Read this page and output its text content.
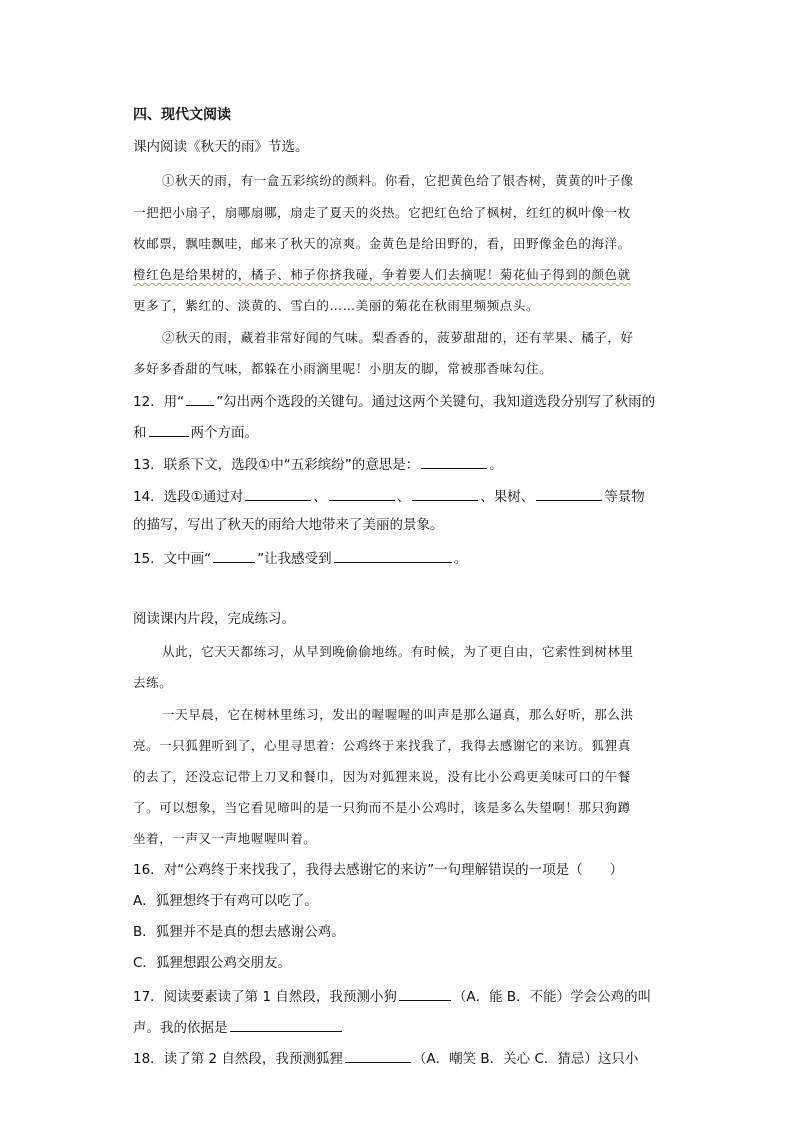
四、现代文阅读
课内阅读《秋天的雨》节选。
①秋天的雨，有一盒五彩缤纷的颜料。你看，它把黄色给了银杏树，黄黄的叶子像
一把把小扇子，扇哪扇哪，扇走了夏天的炎热。它把红色给了枫树，红红的枫叶像一枚
枚邮票，飘哇飘哇，邮来了秋天的凉爽。金黄色是给田野的，看，田野像金色的海洋。
橙红色是给果树的，橘子、柿子你挤我碰，争着要人们去摘呢！菊花仙子得到的颜色就
更多了，紫红的、淡黄的、雪白的……美丽的菊花在秋雨里频频点头。
②秋天的雨，藏着非常好闻的气味。梨香香的，菠萝甜甜的，还有苹果、橘子，好
多好多香甜的气味，都躲在小雨滴里呢！小朋友的脚，常被那香味勾住。
12．用“ ”勾出两个选段的关键句。通过这两个关键句，我知道选段分别写了秋雨的
和	两个方面。
13．联系下文，选段①中“五彩缤纷”的意思是：	。
14．选段①通过对	、	、	、果树、	等景物
的描写，写出了秋天的雨给大地带来了美丽的景象。
15．文中画“	”让我感受到	。
阅读课内片段，完成练习。
从此，它天天都练习，从早到晚偷偷地练。有时候，为了更自由，它索性到树林里
去练。
一天早晨，它在树林里练习，发出的喔喔喔的叫声是那么逼真，那么好听，那么洪
亮。一只狐狸听到了，心里寻思着：公鸡终于来找我了，我得去感谢它的来访。狐狸真
的去了，还没忘记带上刀叉和餐巾，因为对狐狸来说，没有比小公鸡更美味可口的午餐
了。可以想象，当它看见啼叫的是一只狗而不是小公鸡时，该是多么失望啊！那只狗蹲
坐着，一声又一声地喔喔叫着。
16．对“公鸡终于来找我了，我得去感谢它的来访”一句理解错误的一项是（　　）
A．狐狸想终于有鸡可以吃了。
B．狐狸并不是真的想去感谢公鸡。
C．狐狸想跟公鸡交朋友。
17．阅读要素读了第 1 自然段，我预测小狗	（A．能 B．不能）学会公鸡的叫
声。我的依据是
18．读了第 2 自然段，我预测狐狸	（A．嘲笑 B．关心 C．猜忌）这只小
